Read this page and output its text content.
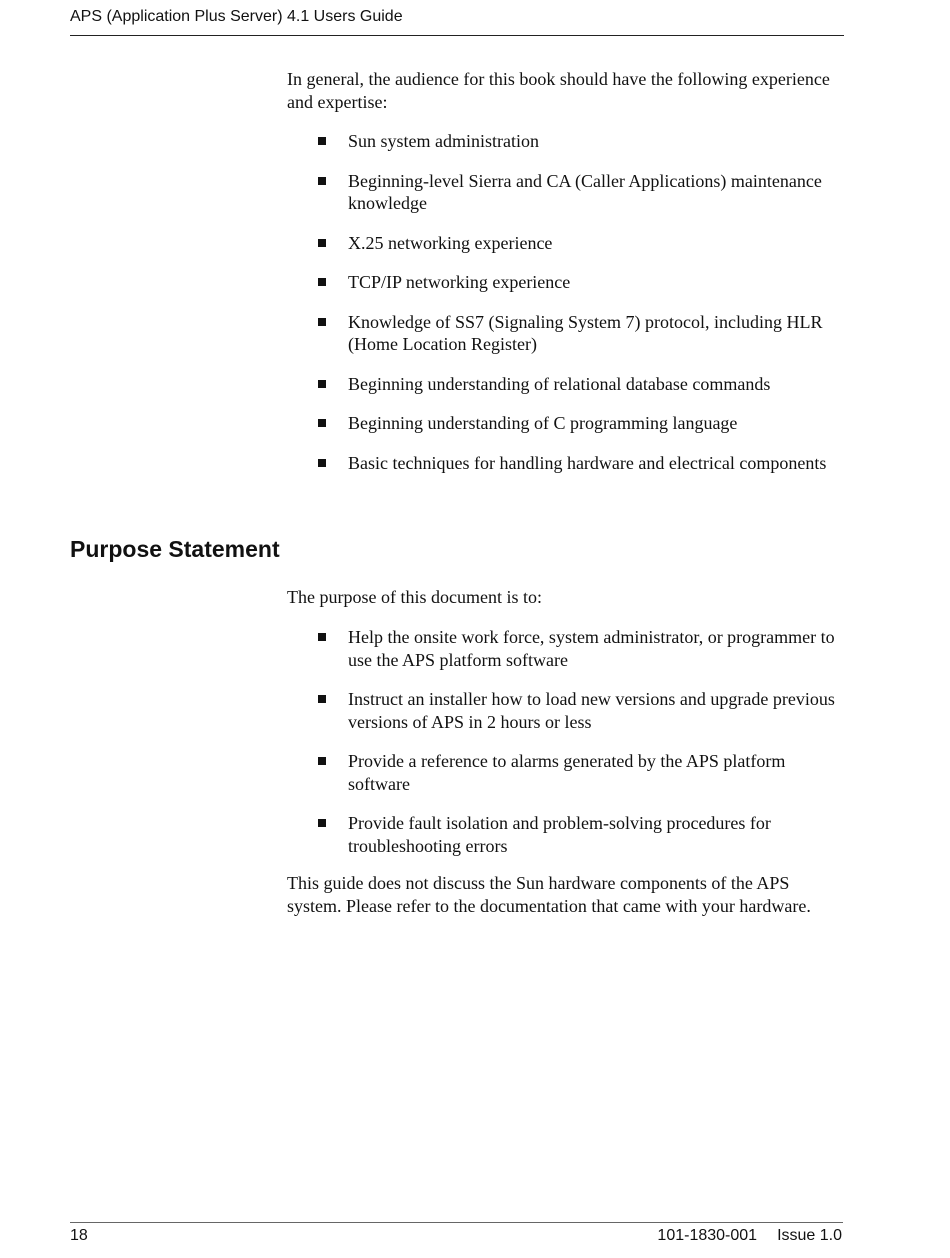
APS (Application Plus Server) 4.1 Users Guide

In general, the audience for this book should have the following experience and expertise:

Sun system administration
Beginning-level Sierra and CA (Caller Applications) maintenance knowledge
X.25 networking experience
TCP/IP networking experience
Knowledge of SS7 (Signaling System 7) protocol, including HLR (Home Location Register)
Beginning understanding of relational database commands
Beginning understanding of C programming language
Basic techniques for handling hardware and electrical components
Purpose Statement

The purpose of this document is to:

Help the onsite work force, system administrator, or programmer to use the APS platform software
Instruct an installer how to load new versions and upgrade previous versions of APS in 2 hours or less
Provide a reference to alarms generated by the APS platform software
Provide fault isolation and problem-solving procedures for troubleshooting errors

This guide does not discuss the Sun hardware components of the APS system. Please refer to the documentation that came with your hardware.

18	101-1830-001 Issue 1.0
